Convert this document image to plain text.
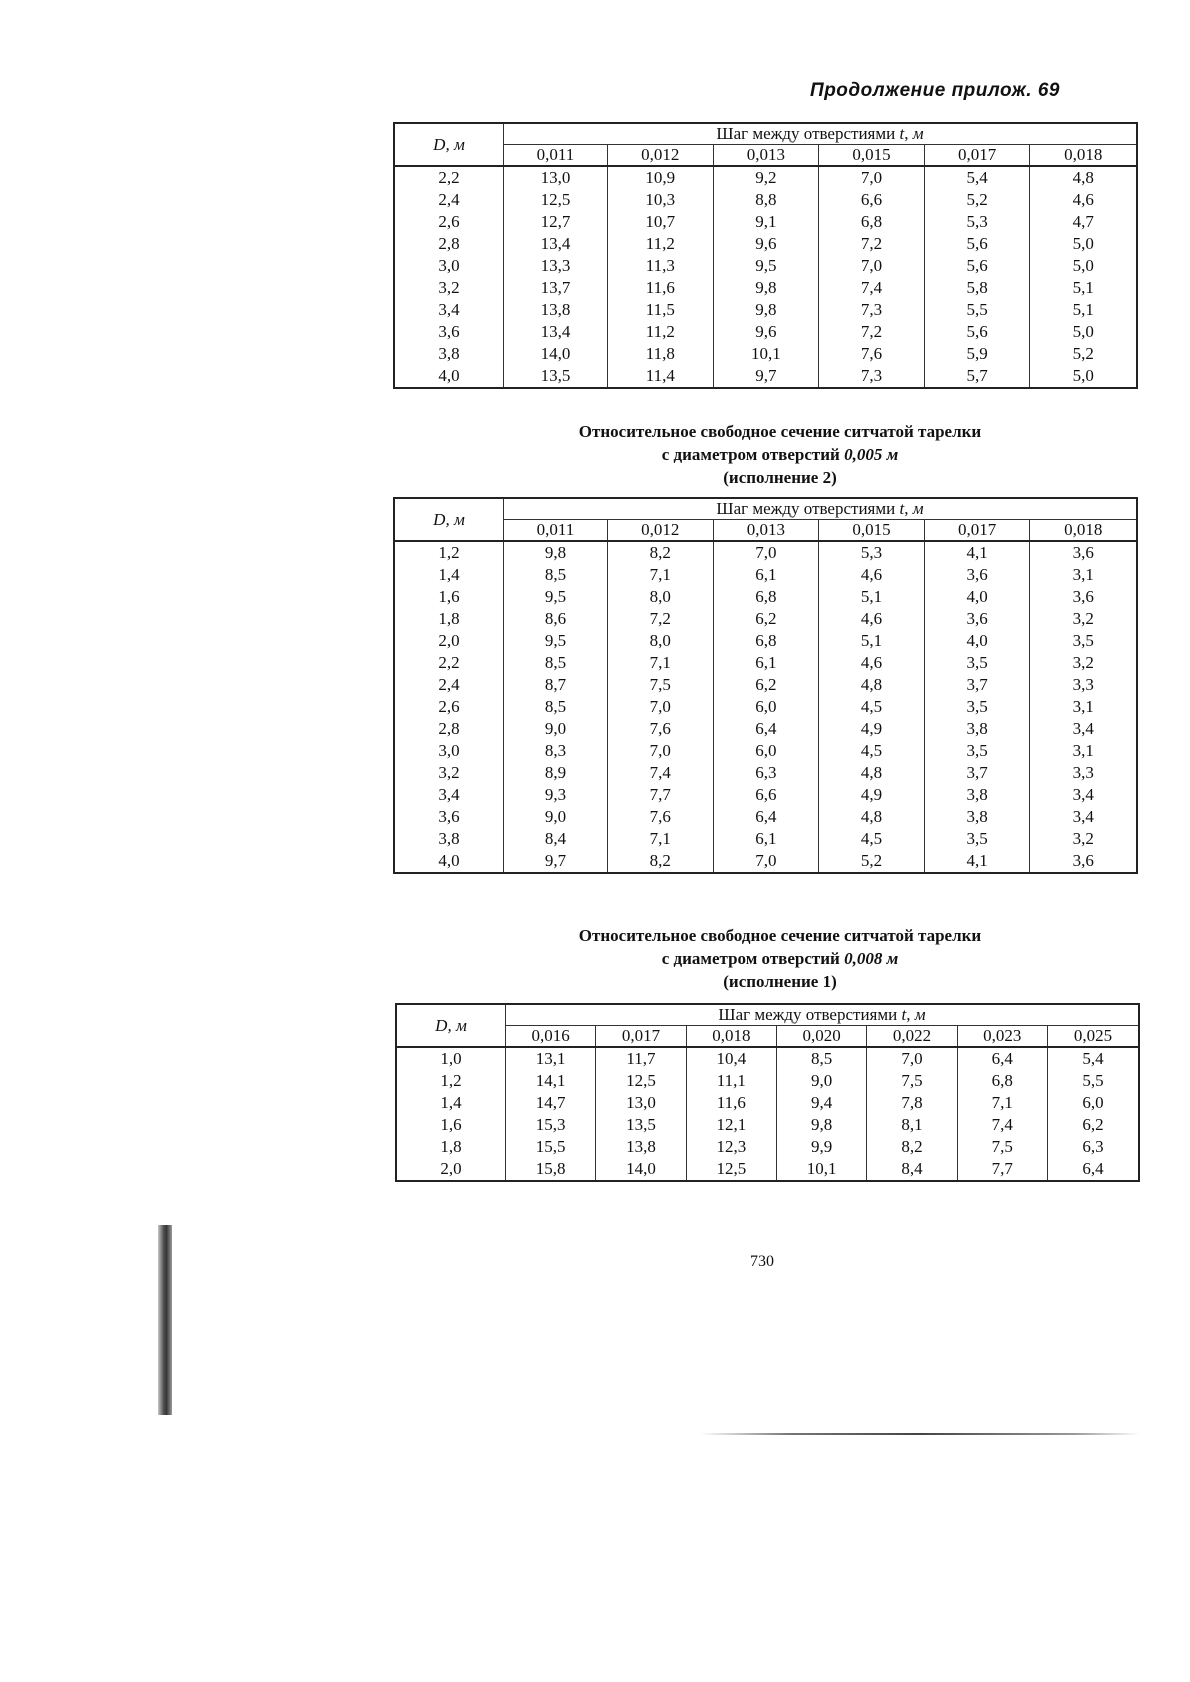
Продолжение прилож. 69
D, м	Шаг между отверстиями t, м					
	0,011	0,012	0,013	0,015	0,017	0,018
2,2	13,0	10,9	9,2	7,0	5,4	4,8
2,4	12,5	10,3	8,8	6,6	5,2	4,6
2,6	12,7	10,7	9,1	6,8	5,3	4,7
2,8	13,4	11,2	9,6	7,2	5,6	5,0
3,0	13,3	11,3	9,5	7,0	5,6	5,0
3,2	13,7	11,6	9,8	7,4	5,8	5,1
3,4	13,8	11,5	9,8	7,3	5,5	5,1
3,6	13,4	11,2	9,6	7,2	5,6	5,0
3,8	14,0	11,8	10,1	7,6	5,9	5,2
4,0	13,5	11,4	9,7	7,3	5,7	5,0
Относительное свободное сечение ситчатой тарелки
с диаметром отверстий 0,005 м
(исполнение 2)
D, м	Шаг между отверстиями t, м					
	0,011	0,012	0,013	0,015	0,017	0,018
1,2	9,8	8,2	7,0	5,3	4,1	3,6
1,4	8,5	7,1	6,1	4,6	3,6	3,1
1,6	9,5	8,0	6,8	5,1	4,0	3,6
1,8	8,6	7,2	6,2	4,6	3,6	3,2
2,0	9,5	8,0	6,8	5,1	4,0	3,5
2,2	8,5	7,1	6,1	4,6	3,5	3,2
2,4	8,7	7,5	6,2	4,8	3,7	3,3
2,6	8,5	7,0	6,0	4,5	3,5	3,1
2,8	9,0	7,6	6,4	4,9	3,8	3,4
3,0	8,3	7,0	6,0	4,5	3,5	3,1
3,2	8,9	7,4	6,3	4,8	3,7	3,3
3,4	9,3	7,7	6,6	4,9	3,8	3,4
3,6	9,0	7,6	6,4	4,8	3,8	3,4
3,8	8,4	7,1	6,1	4,5	3,5	3,2
4,0	9,7	8,2	7,0	5,2	4,1	3,6
Относительное свободное сечение ситчатой тарелки
с диаметром отверстий 0,008 м
(исполнение 1)
D, м	Шаг между отверстиями t, м						
	0,016	0,017	0,018	0,020	0,022	0,023	0,025
1,0	13,1	11,7	10,4	8,5	7,0	6,4	5,4
1,2	14,1	12,5	11,1	9,0	7,5	6,8	5,5
1,4	14,7	13,0	11,6	9,4	7,8	7,1	6,0
1,6	15,3	13,5	12,1	9,8	8,1	7,4	6,2
1,8	15,5	13,8	12,3	9,9	8,2	7,5	6,3
2,0	15,8	14,0	12,5	10,1	8,4	7,7	6,4
730
